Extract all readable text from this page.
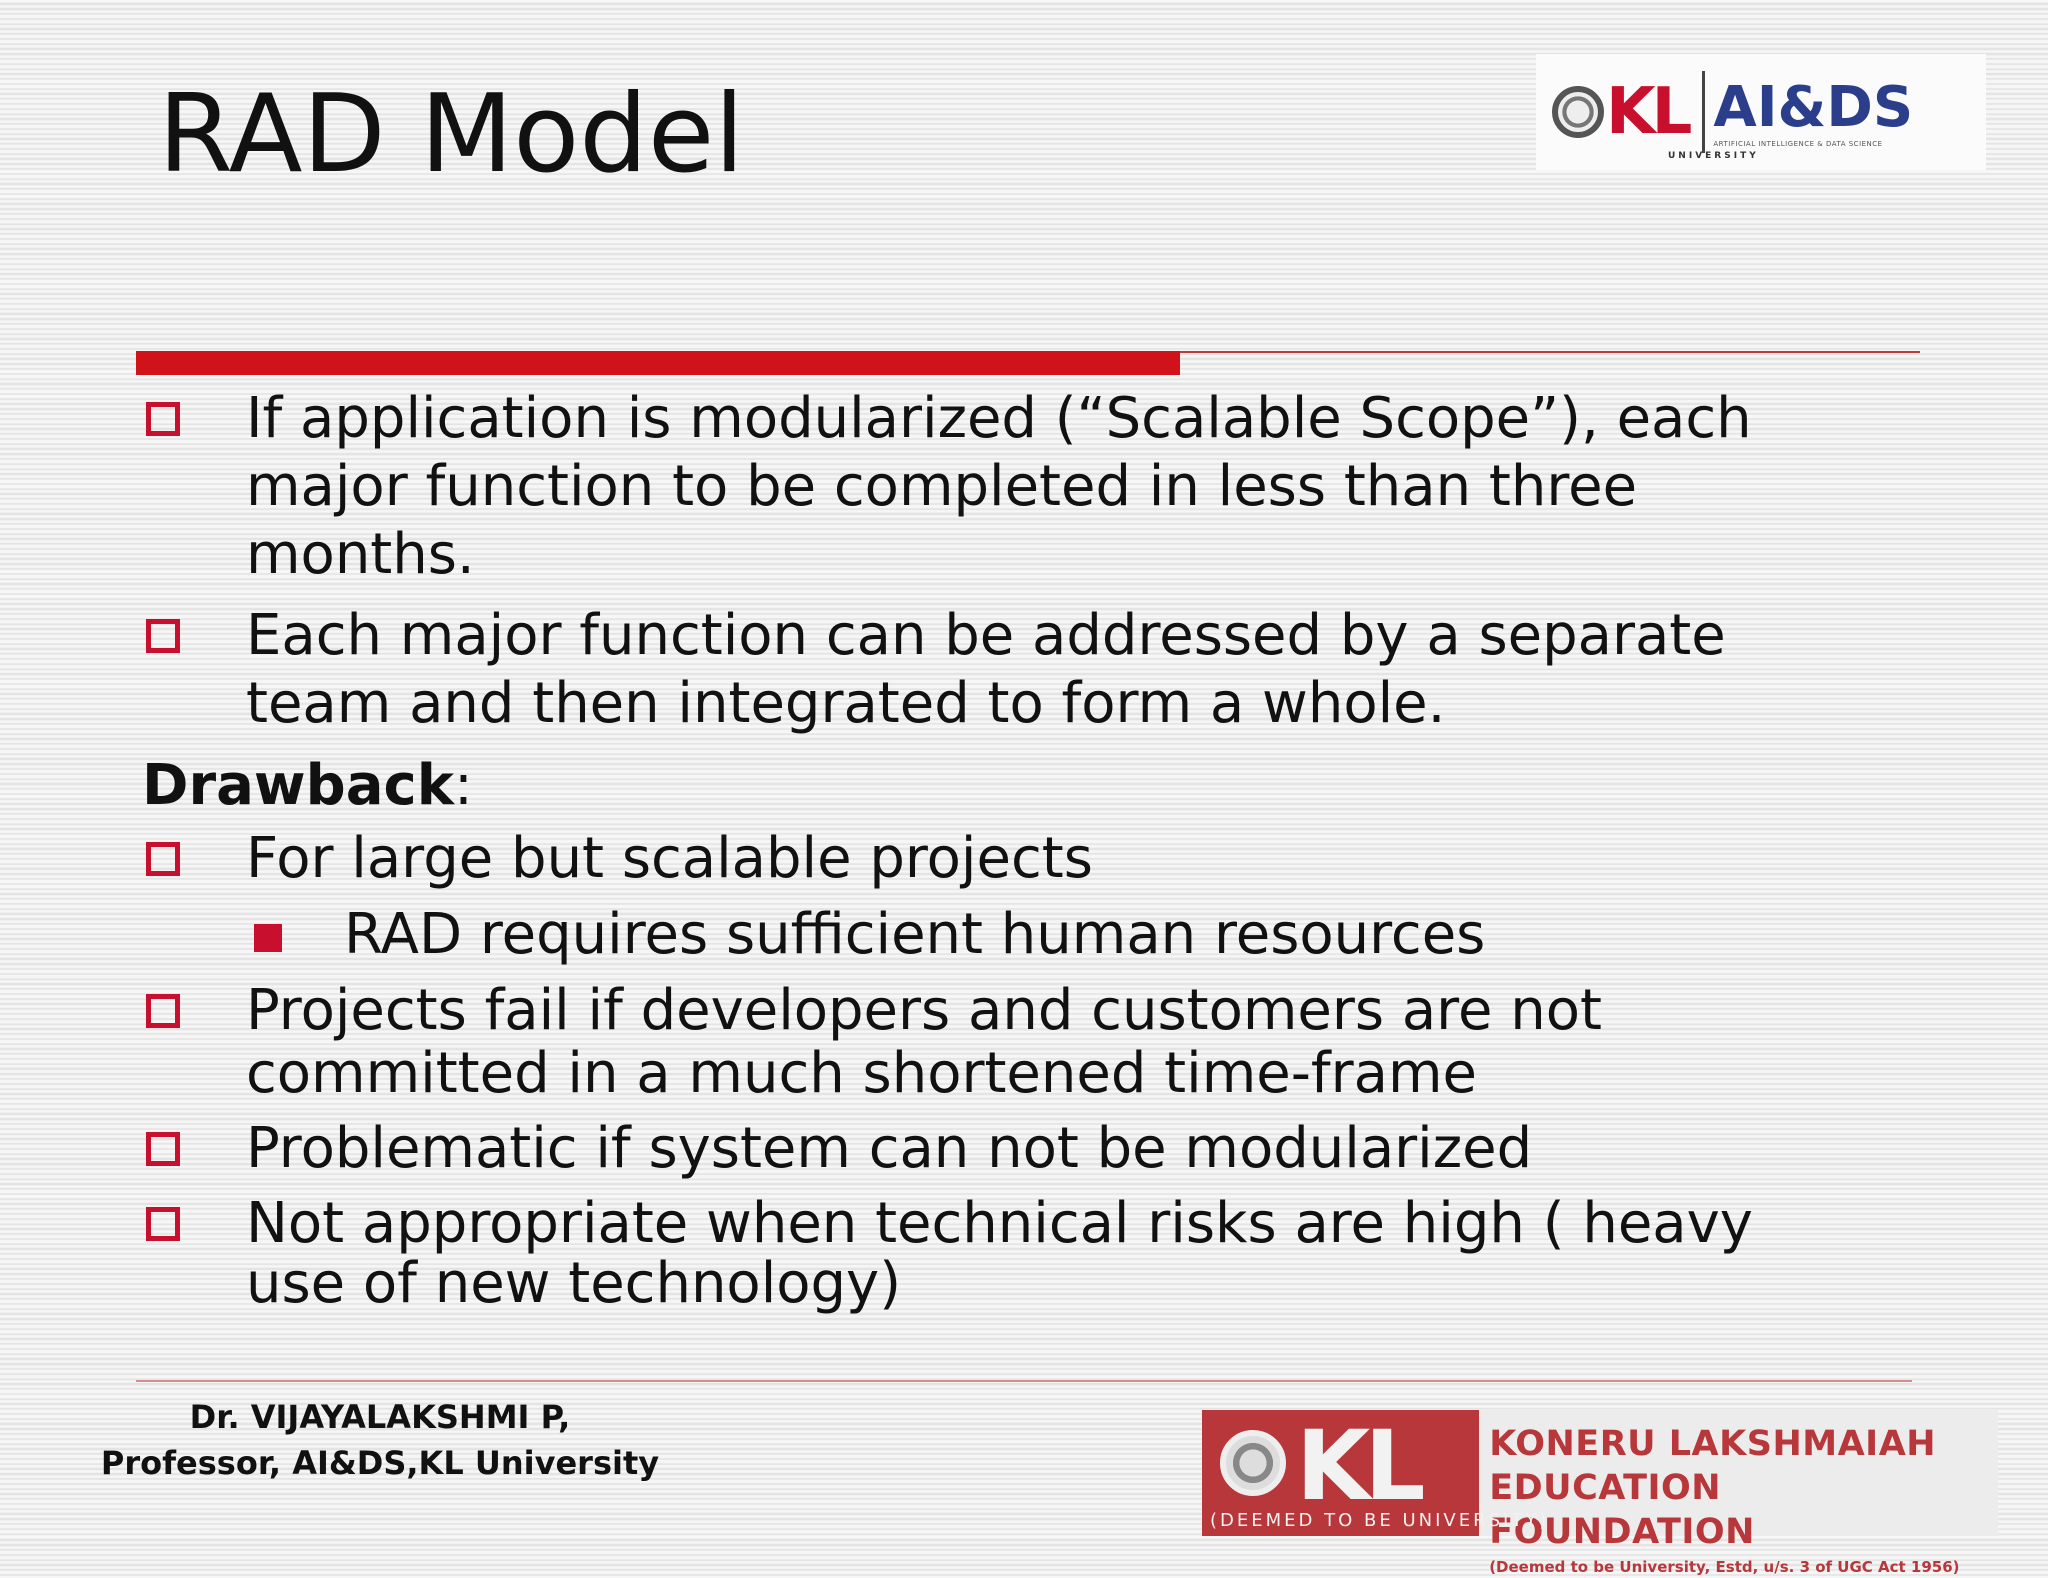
RAD Model	KL
UNIVERSITY
AI&DS
ARTIFICIAL INTELLIGENCE & DATA SCIENCE
If application is modularized (“Scalable Scope”), each
major function to be completed in less than three
months.
Each major function can be addressed by a separate
team and then integrated to form a whole.
Drawback:
For large but scalable projects
RAD requires sufficient human resources
Projects fail if developers and customers are not
committed in a much shortened time-frame
Problematic if system can not be modularized
Not appropriate when technical risks are high ( heavy
use of new technology)
Dr. VIJAYALAKSHMI P,
Professor, AI&DS,KL University	KL
(DEEMED TO BE UNIVERSITY)
KONERU LAKSHMAIAH
EDUCATION FOUNDATION
(Deemed to be University, Estd, u/s. 3 of UGC Act 1956)
